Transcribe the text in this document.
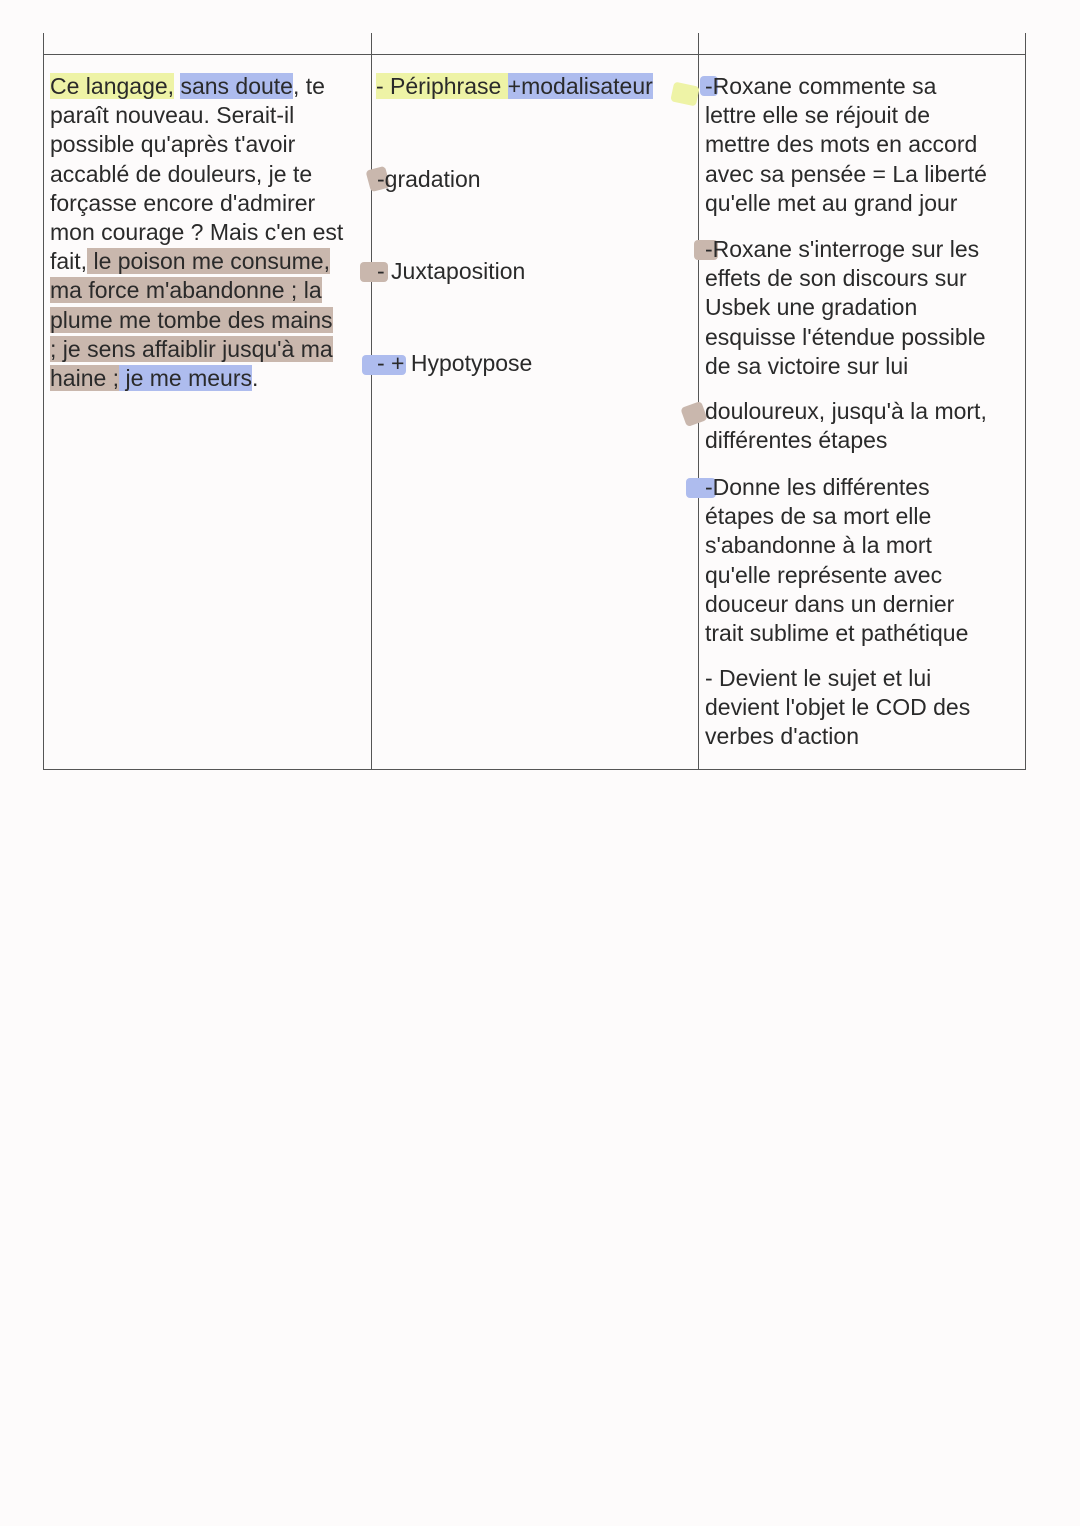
Ce langage, sans doute, te
paraît nouveau. Serait-il
possible qu'après t'avoir
accablé de douleurs, je te
forçasse encore d'admirer
mon courage ? Mais c'en est
fait, le poison me consume,
ma force m'abandonne ; la
plume me tombe des mains
; je sens affaiblir jusqu'à ma
haine ; je me meurs.
- Périphrase +modalisateur
-gradation
- Juxtaposition
- + Hypotypose
-Roxane commente sa
lettre elle se réjouit de
mettre des mots en accord
avec sa pensée = La liberté
qu'elle met au grand jour
-Roxane s'interroge sur les
effets de son discours sur
Usbek une gradation
esquisse l'étendue possible
de sa victoire sur lui
douloureux, jusqu'à la mort,
différentes étapes
-Donne les différentes
étapes de sa mort elle
s'abandonne à la mort
qu'elle représente avec
douceur dans un dernier
trait sublime et pathétique
- Devient le sujet et lui
devient l'objet le COD des
verbes d'action
